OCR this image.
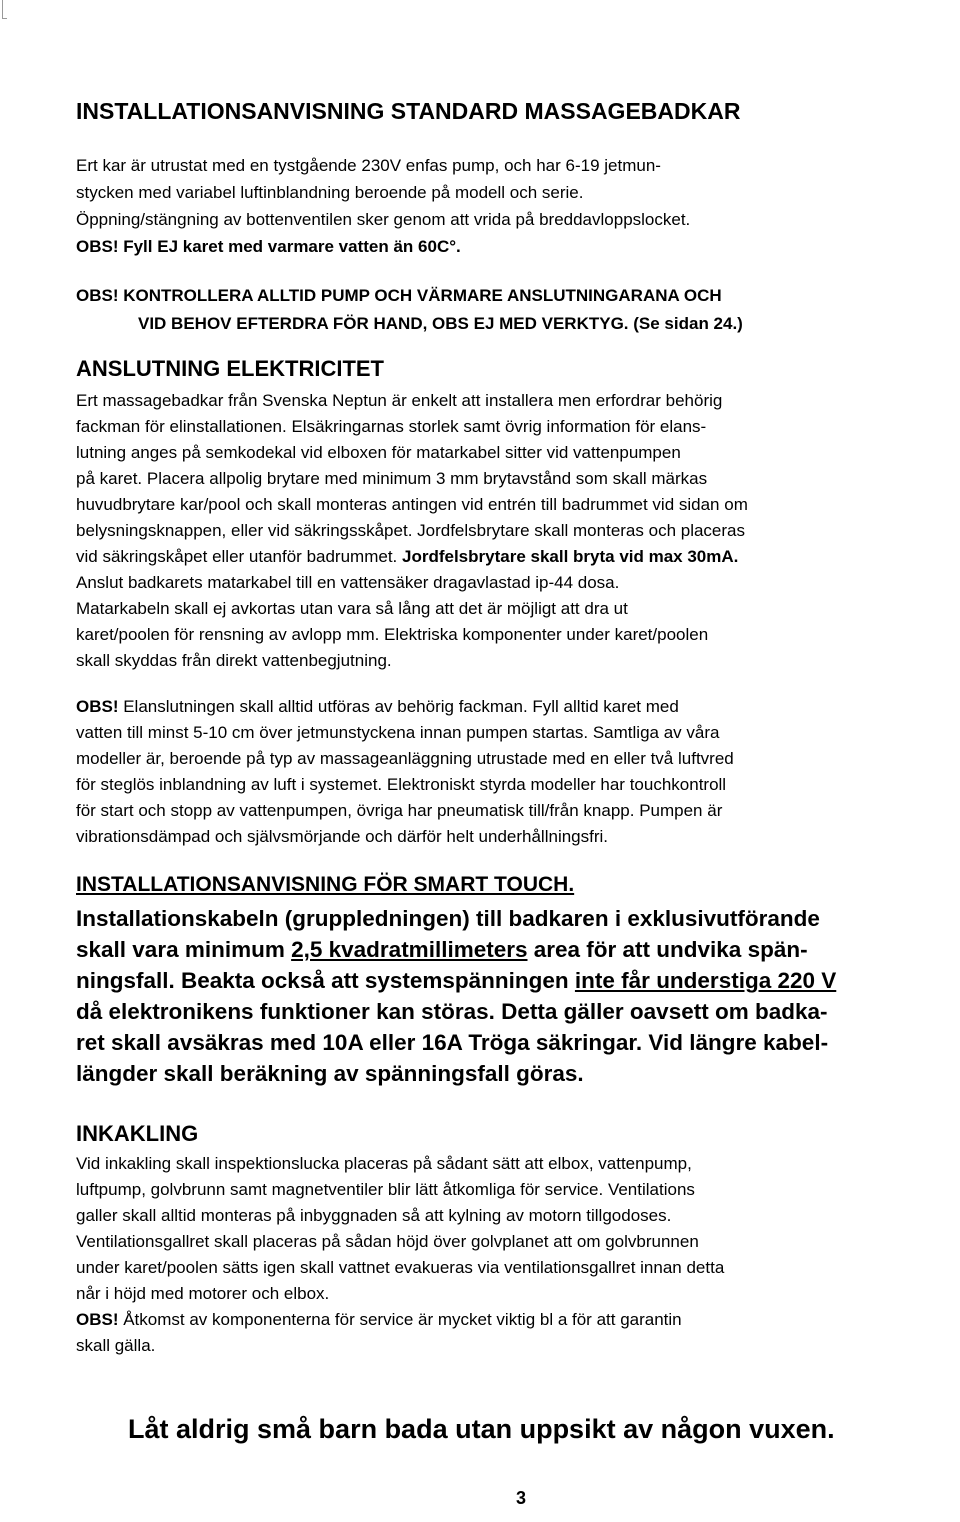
INSTALLATIONSANVISNING STANDARD MASSAGEBADKAR
Ert kar är utrustat med en tystgående 230V enfas pump, och har 6-19 jetmun-
stycken med variabel luftinblandning beroende på modell och serie.
Öppning/stängning av bottenventilen sker genom att vrida på breddavloppslocket.
OBS! Fyll EJ karet med varmare vatten än 60C°.
OBS! KONTROLLERA ALLTID PUMP OCH VÄRMARE ANSLUTNINGARANA OCH
VID BEHOV EFTERDRA FÖR HAND, OBS EJ MED VERKTYG. (Se sidan 24.)
ANSLUTNING ELEKTRICITET
Ert massagebadkar från Svenska Neptun är enkelt att installera men erfordrar behörig
fackman för elinstallationen. Elsäkringarnas storlek samt övrig information för elans-
lutning anges på semkodekal vid elboxen för matarkabel sitter vid vattenpumpen
på karet. Placera allpolig brytare med minimum 3 mm brytavstånd som skall märkas
huvudbrytare kar/pool och skall monteras antingen vid entrén till badrummet vid sidan om
belysningsknappen, eller vid säkringsskåpet. Jordfelsbrytare skall monteras och placeras
vid säkringskåpet eller utanför badrummet. Jordfelsbrytare skall bryta vid max 30mA.
Anslut badkarets matarkabel till en vattensäker dragavlastad ip-44 dosa.
Matarkabeln skall ej avkortas utan vara så lång att det är möjligt att dra ut
karet/poolen för rensning av avlopp mm. Elektriska komponenter under karet/poolen
skall skyddas från direkt vattenbegjutning.
OBS! Elanslutningen skall alltid utföras av behörig fackman. Fyll alltid karet med
vatten till minst 5-10 cm över jetmunstyckena innan pumpen startas. Samtliga av våra
modeller är, beroende på typ av massageanläggning utrustade med en eller två luftvred
för steglös inblandning av luft i systemet. Elektroniskt styrda modeller har touchkontroll
för start och stopp av vattenpumpen, övriga har pneumatisk till/från knapp. Pumpen är
vibrationsdämpad och självsmörjande och därför helt underhållningsfri.
INSTALLATIONSANVISNING FÖR SMART TOUCH.
Installationskabeln (gruppledningen) till badkaren i exklusivutförande
skall vara minimum 2,5 kvadratmillimeters area för att undvika spän-
ningsfall. Beakta också att systemspänningen inte får understiga 220 V
då elektronikens funktioner kan störas. Detta gäller oavsett om badka-
ret skall avsäkras med 10A eller 16A Tröga säkringar. Vid längre kabel-
längder skall beräkning av spänningsfall göras.
INKAKLING
Vid inkakling skall inspektionslucka placeras på sådant sätt att elbox, vattenpump,
luftpump, golvbrunn samt magnetventiler blir lätt åtkomliga för service. Ventilations
galler skall alltid monteras på inbyggnaden så att kylning av motorn tillgodoses.
Ventilationsgallret skall placeras på sådan höjd över golvplanet att om golvbrunnen
under karet/poolen sätts igen skall vattnet evakueras via ventilationsgallret innan detta
når i höjd med motorer och elbox.
OBS! Åtkomst av komponenterna för service är mycket viktig bl a för att garantin
skall gälla.

Låt aldrig små barn bada utan uppsikt av någon vuxen.

3
